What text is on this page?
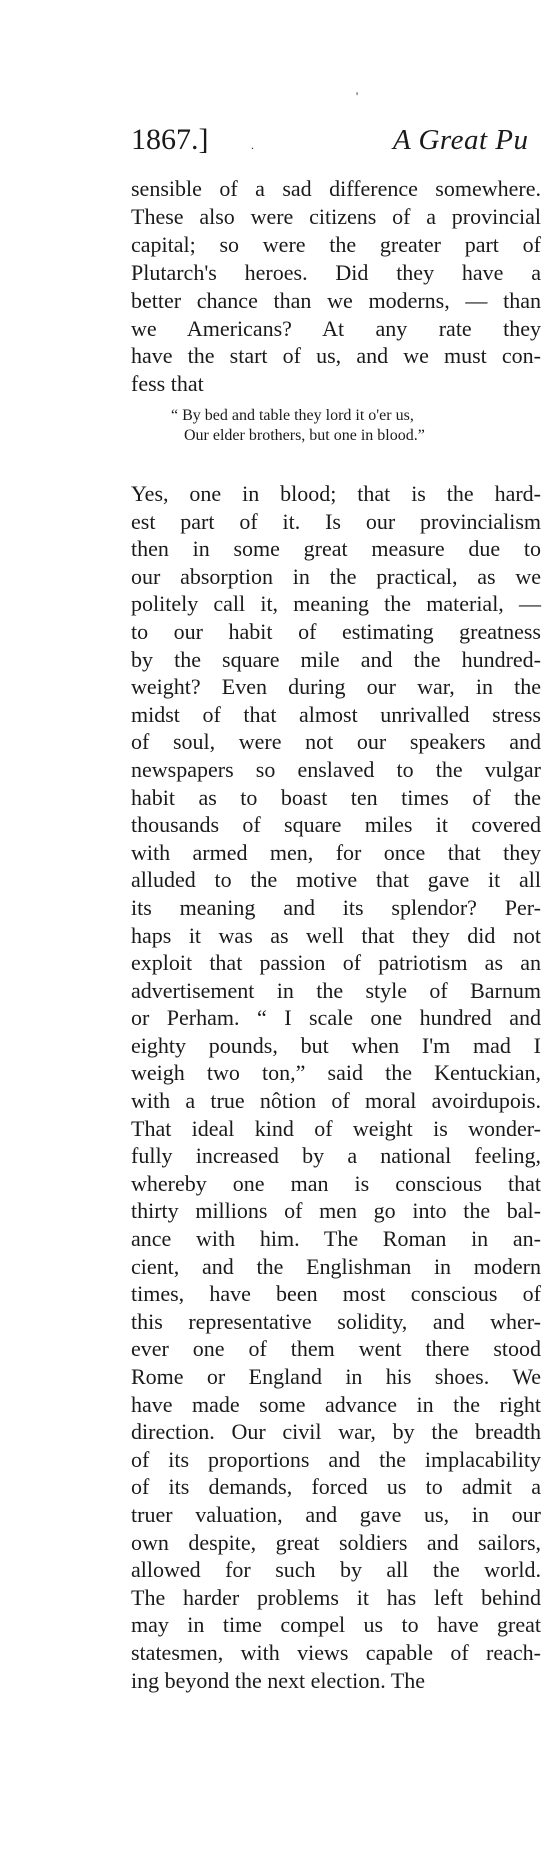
'
1867.]	A Great Pu
.
sensible of a sad difference somewhere.
These also were citizens of a provincial
capital; so were the greater part of
Plutarch's heroes. Did they have a
better chance than we moderns, — than
we Americans? At any rate they
have the start of us, and we must con-
fess that
“ By bed and table they lord it o'er us,
Our elder brothers, but one in blood.”
Yes, one in blood; that is the hard-
est part of it. Is our provincialism
then in some great measure due to
our absorption in the practical, as we
politely call it, meaning the material, —
to our habit of estimating greatness
by the square mile and the hundred-
weight? Even during our war, in the
midst of that almost unrivalled stress
of soul, were not our speakers and
newspapers so enslaved to the vulgar
habit as to boast ten times of the
thousands of square miles it covered
with armed men, for once that they
alluded to the motive that gave it all
its meaning and its splendor? Per-
haps it was as well that they did not
exploit that passion of patriotism as an
advertisement in the style of Barnum
or Perham. “ I scale one hundred and
eighty pounds, but when I'm mad I
weigh two ton,” said the Kentuckian,
with a true nôtion of moral avoirdupois.
That ideal kind of weight is wonder-
fully increased by a national feeling,
whereby one man is conscious that
thirty millions of men go into the bal-
ance with him. The Roman in an-
cient, and the Englishman in modern
times, have been most conscious of
this representative solidity, and wher-
ever one of them went there stood
Rome or England in his shoes. We
have made some advance in the right
direction. Our civil war, by the breadth
of its proportions and the implacability
of its demands, forced us to admit a
truer valuation, and gave us, in our
own despite, great soldiers and sailors,
allowed for such by all the world.
The harder problems it has left behind
may in time compel us to have great
statesmen, with views capable of reach-
ing beyond the next election. The
